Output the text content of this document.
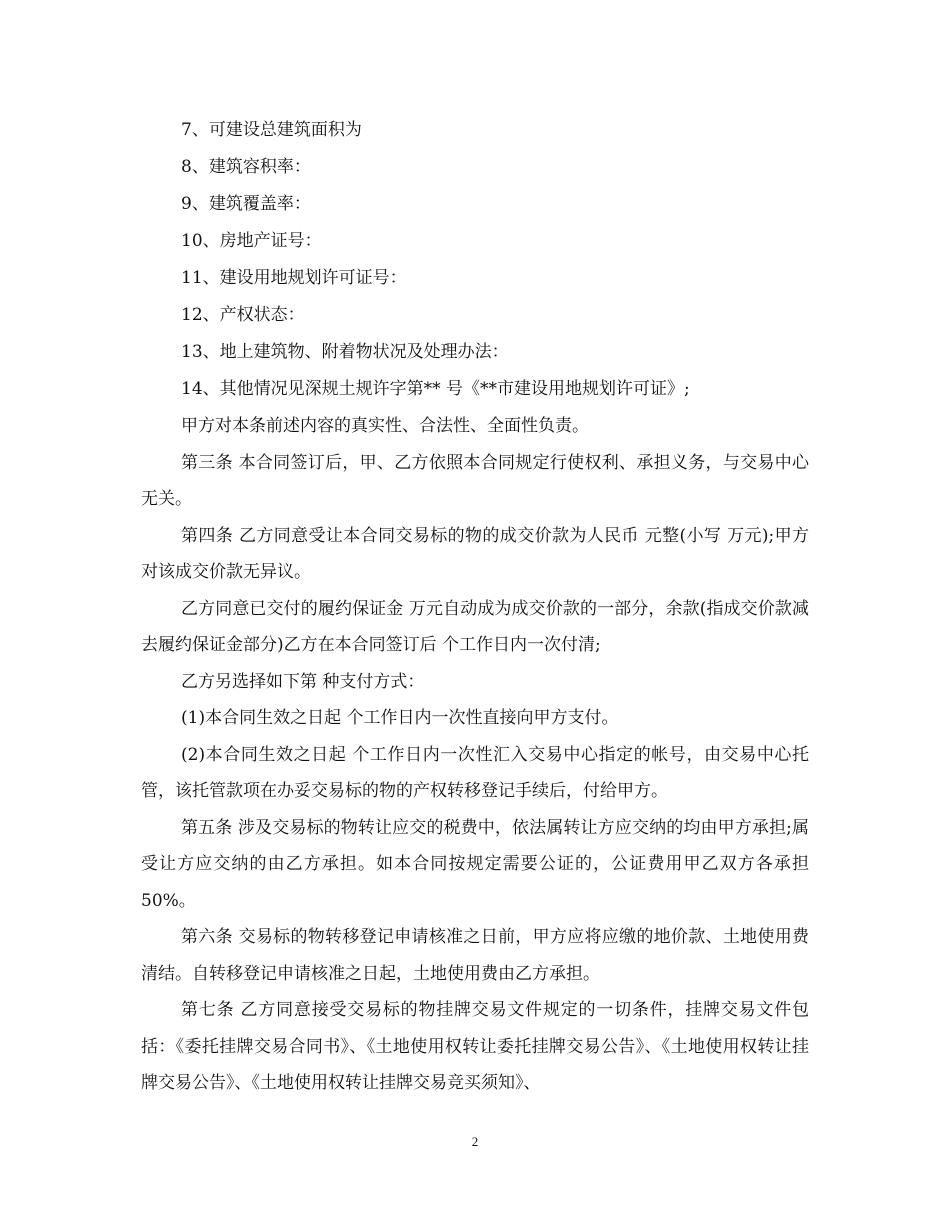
7、可建设总建筑面积为
8、建筑容积率：
9、建筑覆盖率：
10、房地产证号：
11、建设用地规划许可证号：
12、产权状态：
13、地上建筑物、附着物状况及处理办法：
14、其他情况见深规土规许字第** 号《**市建设用地规划许可证》;
甲方对本条前述内容的真实性、合法性、全面性负责。
第三条 本合同签订后，甲、乙方依照本合同规定行使权利、承担义务，与交易中心无关。
第四条 乙方同意受让本合同交易标的物的成交价款为人民币 元整(小写 万元);甲方对该成交价款无异议。
乙方同意已交付的履约保证金 万元自动成为成交价款的一部分，余款(指成交价款减去履约保证金部分)乙方在本合同签订后 个工作日内一次付清;
乙方另选择如下第 种支付方式：
(1)本合同生效之日起 个工作日内一次性直接向甲方支付。
(2)本合同生效之日起 个工作日内一次性汇入交易中心指定的帐号，由交易中心托管，该托管款项在办妥交易标的物的产权转移登记手续后，付给甲方。
第五条 涉及交易标的物转让应交的税费中，依法属转让方应交纳的均由甲方承担;属受让方应交纳的由乙方承担。如本合同按规定需要公证的，公证费用甲乙双方各承担50%。
第六条 交易标的物转移登记申请核准之日前，甲方应将应缴的地价款、土地使用费清结。自转移登记申请核准之日起，土地使用费由乙方承担。
第七条 乙方同意接受交易标的物挂牌交易文件规定的一切条件，挂牌交易文件包括：《委托挂牌交易合同书》、《土地使用权转让委托挂牌交易公告》、《土地使用权转让挂牌交易公告》、《土地使用权转让挂牌交易竞买须知》、
2
